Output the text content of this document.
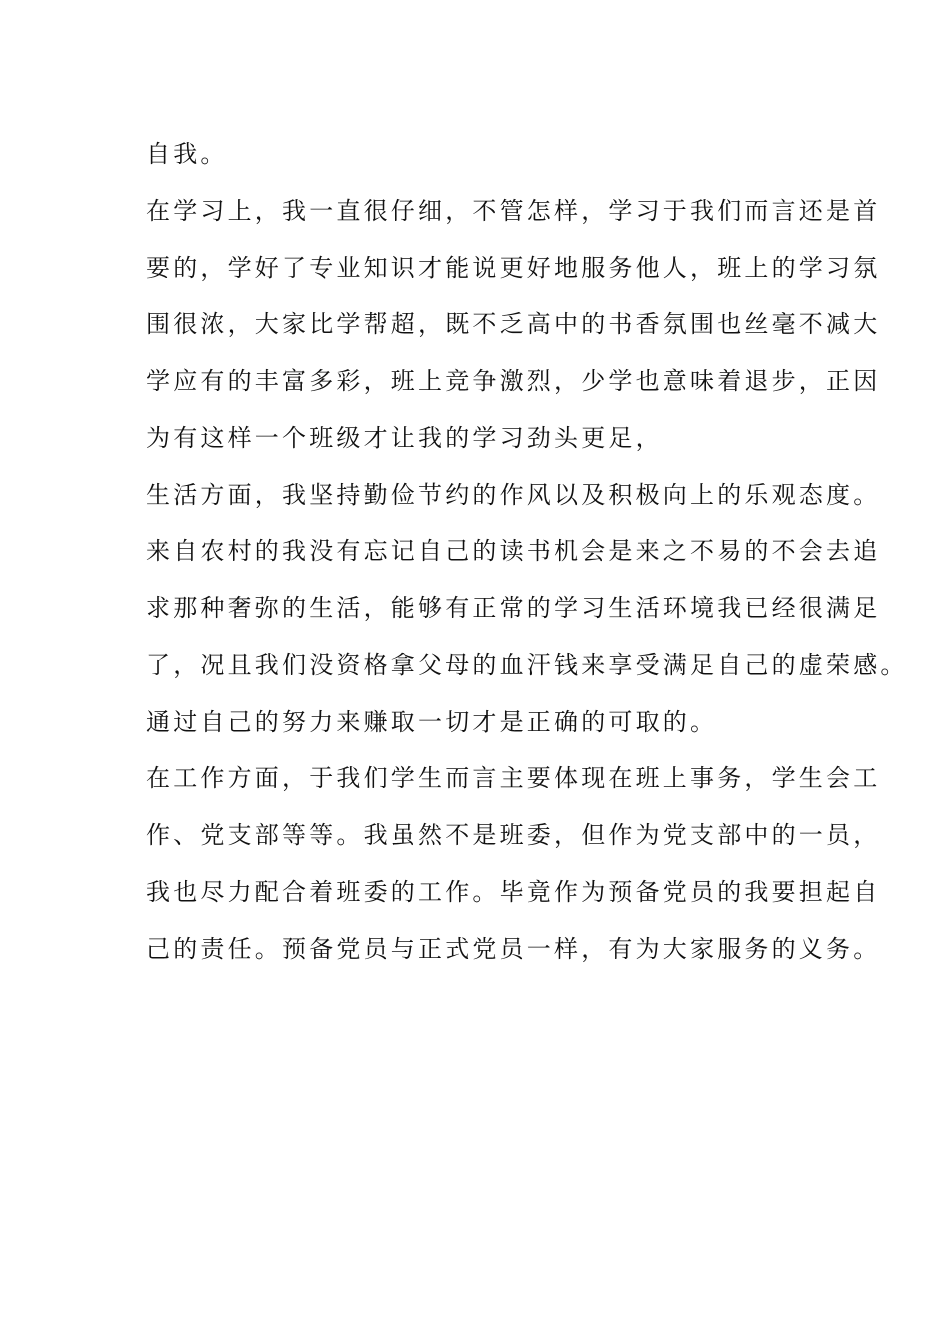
自我。
在学习上，我一直很仔细，不管怎样，学习于我们而言还是首
要的，学好了专业知识才能说更好地服务他人，班上的学习氛
围很浓，大家比学帮超，既不乏高中的书香氛围也丝毫不减大
学应有的丰富多彩，班上竞争激烈，少学也意味着退步，正因
为有这样一个班级才让我的学习劲头更足，
生活方面，我坚持勤俭节约的作风以及积极向上的乐观态度。
来自农村的我没有忘记自己的读书机会是来之不易的不会去追
求那种奢弥的生活，能够有正常的学习生活环境我已经很满足
了，况且我们没资格拿父母的血汗钱来享受满足自己的虚荣感。
通过自己的努力来赚取一切才是正确的可取的。
在工作方面，于我们学生而言主要体现在班上事务，学生会工
作、党支部等等。我虽然不是班委，但作为党支部中的一员，
我也尽力配合着班委的工作。毕竟作为预备党员的我要担起自
己的责任。预备党员与正式党员一样，有为大家服务的义务。
